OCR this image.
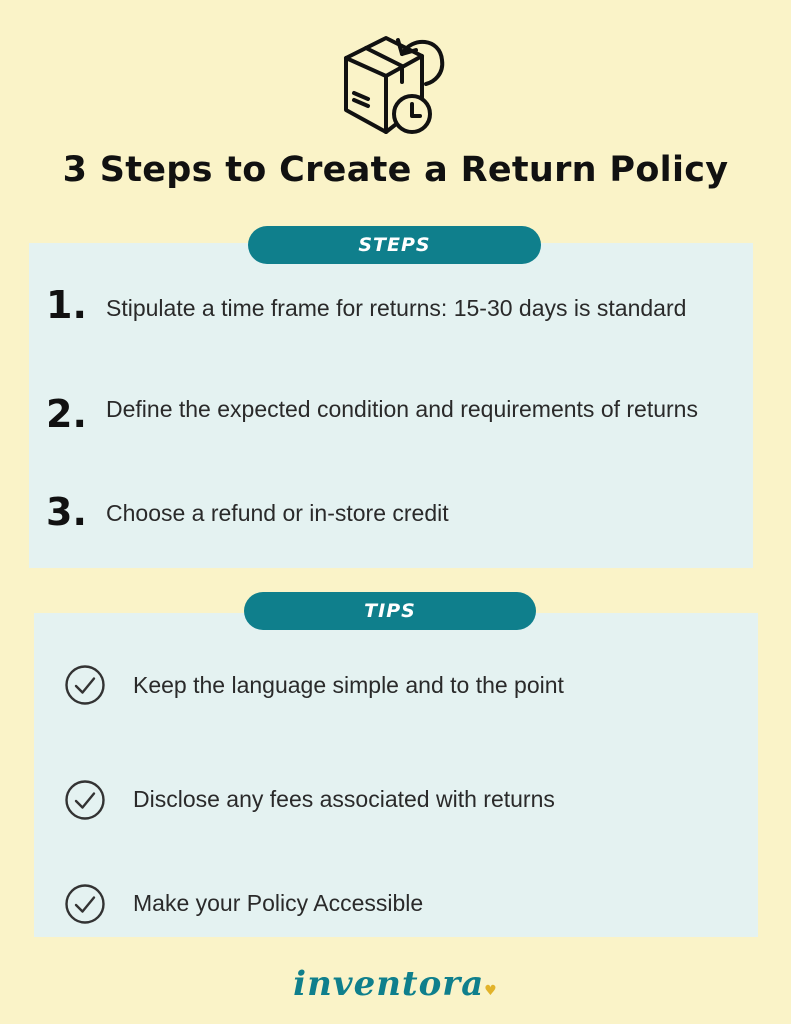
3 Steps to Create a Return Policy
STEPS
1. Stipulate a time frame for returns: 15-30 days is standard
2. Define the expected condition and requirements of returns
3. Choose a refund or in-store credit
TIPS
Keep the language simple and to the point
Disclose any fees associated with returns
Make your Policy Accessible
inventora♥
